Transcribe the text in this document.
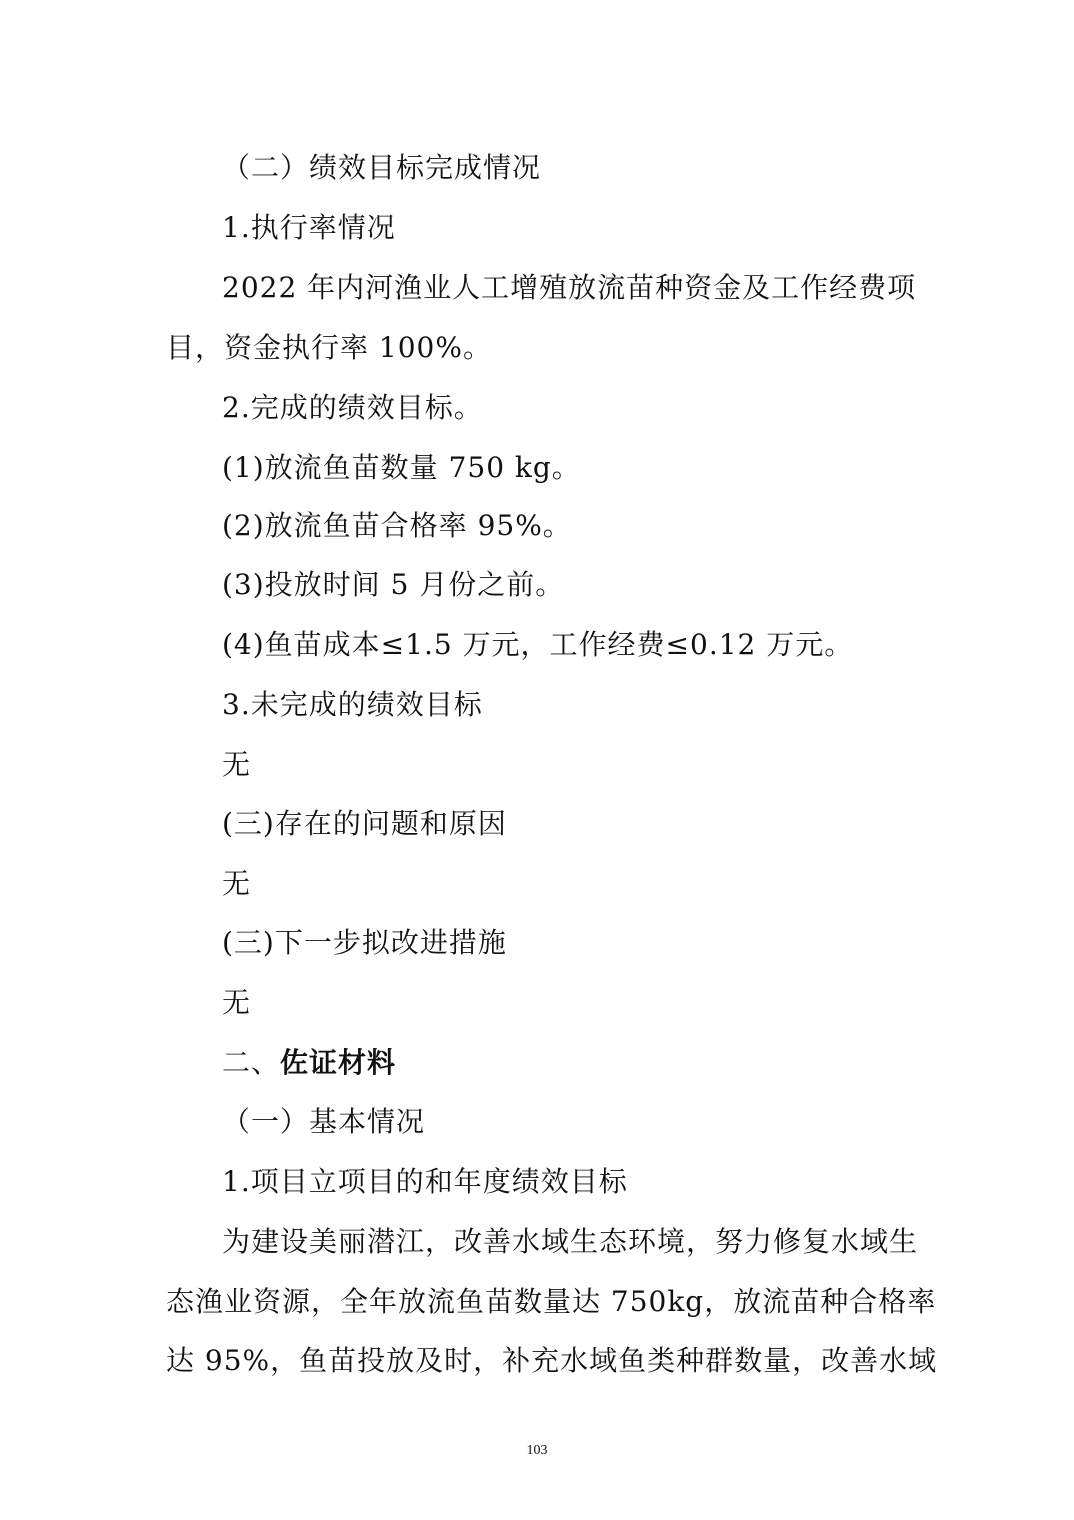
（二）绩效目标完成情况
1.执行率情况
2022 年内河渔业人工增殖放流苗种资金及工作经费项
目，资金执行率 100%。
2.完成的绩效目标。
(1)放流鱼苗数量 750 kg。
(2)放流鱼苗合格率 95%。
(3)投放时间 5 月份之前。
(4)鱼苗成本≤1.5 万元，工作经费≤0.12 万元。
3.未完成的绩效目标
无
(三)存在的问题和原因
无
(三)下一步拟改进措施
无
二、佐证材料
（一）基本情况
1.项目立项目的和年度绩效目标
为建设美丽潜江，改善水域生态环境，努力修复水域生
态渔业资源，全年放流鱼苗数量达 750kg，放流苗种合格率
达 95%，鱼苗投放及时，补充水域鱼类种群数量，改善水域
103
